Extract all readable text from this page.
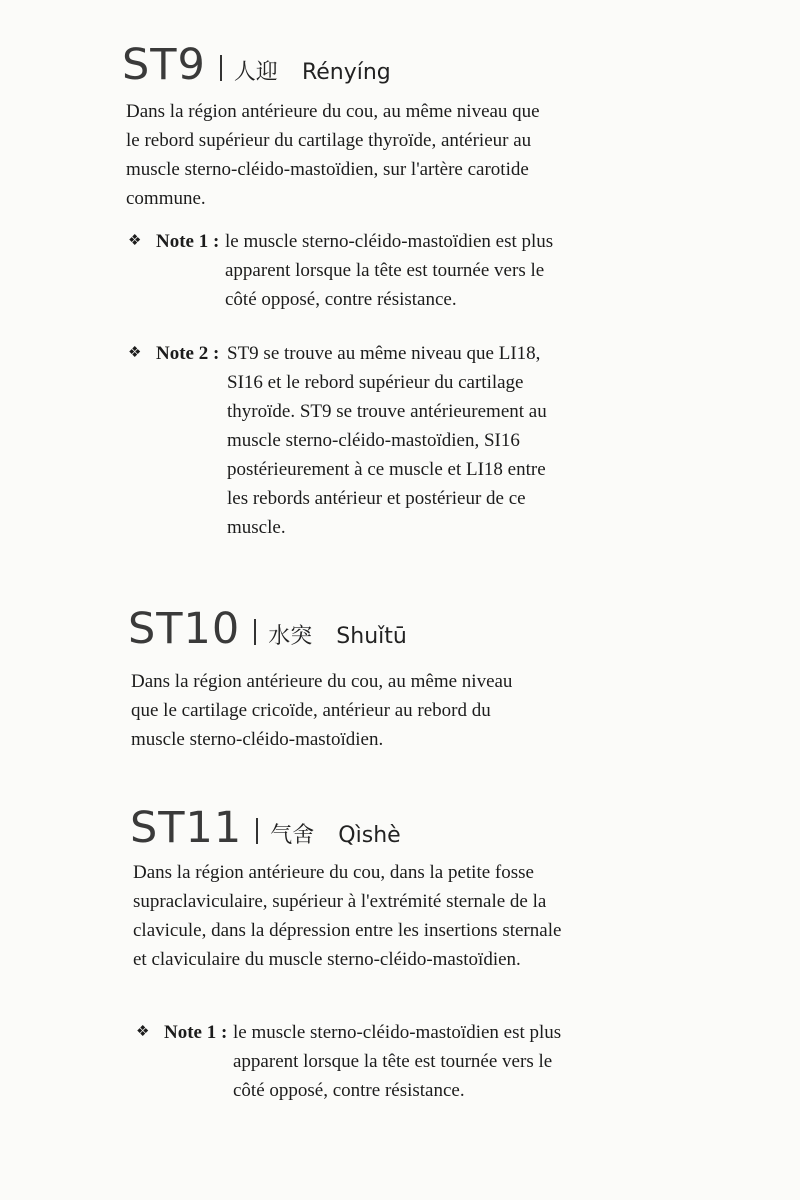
ST9 人迎 Rényíng
Dans la région antérieure du cou, au même niveau que le rebord supérieur du cartilage thyroïde, antérieur au muscle sterno-cléido-mastoïdien, sur l'artère carotide commune.
❖ Note 1 : le muscle sterno-cléido-mastoïdien est plus apparent lorsque la tête est tournée vers le côté opposé, contre résistance.
❖ Note 2 : ST9 se trouve au même niveau que LI18, SI16 et le rebord supérieur du cartilage thyroïde. ST9 se trouve antérieurement au muscle sterno-cléido-mastoïdien, SI16 postérieurement à ce muscle et LI18 entre les rebords antérieur et postérieur de ce muscle.
ST10 水突 Shuǐtū
Dans la région antérieure du cou, au même niveau que le cartilage cricoïde, antérieur au rebord du muscle sterno-cléido-mastoïdien.
ST11 气舍 Qìshè
Dans la région antérieure du cou, dans la petite fosse supraclaviculaire, supérieur à l'extrémité sternale de la clavicule, dans la dépression entre les insertions sternale et claviculaire du muscle sterno-cléido-mastoïdien.
❖ Note 1 : le muscle sterno-cléido-mastoïdien est plus apparent lorsque la tête est tournée vers le côté opposé, contre résistance.
